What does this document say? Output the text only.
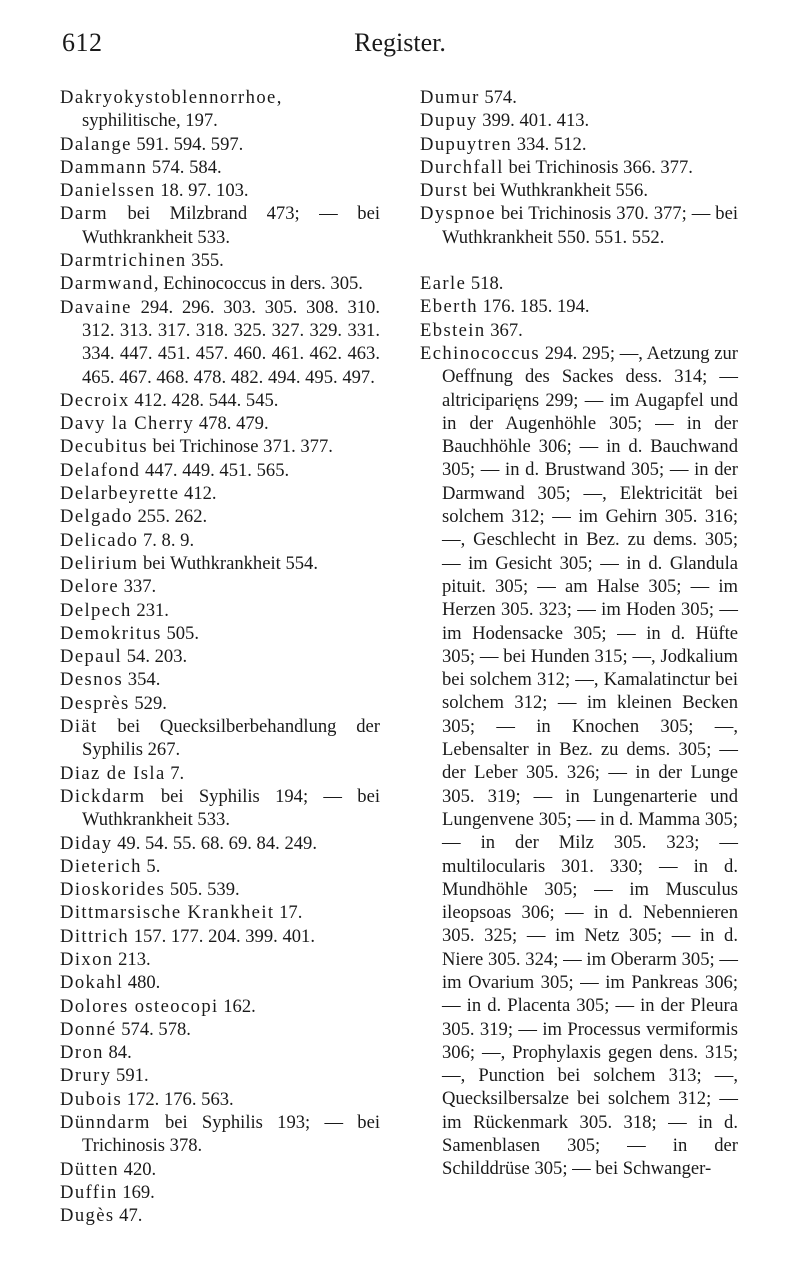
612	Register.

Dakryokystoblennorrhoe, syphilitische, 197.

Dalange 591. 594. 597.

Dammann 574. 584.

Danielssen 18. 97. 103.

Darm bei Milzbrand 473; — bei Wuthkrankheit 533.

Darmtrichinen 355.

Darmwand, Echinococcus in ders. 305.

Davaine 294. 296. 303. 305. 308. 310. 312. 313. 317. 318. 325. 327. 329. 331. 334. 447. 451. 457. 460. 461. 462. 463. 465. 467. 468. 478. 482. 494. 495. 497.

Decroix 412. 428. 544. 545.

Davy la Cherry 478. 479.

Decubitus bei Trichinose 371. 377.

Delafond 447. 449. 451. 565.

Delarbeyrette 412.

Delgado 255. 262.

Delicado 7. 8. 9.

Delirium bei Wuthkrankheit 554.

Delore 337.

Delpech 231.

Demokritus 505.

Depaul 54. 203.

Desnos 354.

Desprès 529.

Diät bei Quecksilberbehandlung der Syphilis 267.

Diaz de Isla 7.

Dickdarm bei Syphilis 194; — bei Wuthkrankheit 533.

Diday 49. 54. 55. 68. 69. 84. 249.

Dieterich 5.

Dioskorides 505. 539.

Dittmarsische Krankheit 17.

Dittrich 157. 177. 204. 399. 401.

Dixon 213.

Dokahl 480.

Dolores osteocopi 162.

Donné 574. 578.

Dron 84.

Drury 591.

Dubois 172. 176. 563.

Dünndarm bei Syphilis 193; — bei Trichinosis 378.

Dütten 420.

Duffin 169.

Dugès 47.

Dumur 574.

Dupuy 399. 401. 413.

Dupuytren 334. 512.

Durchfall bei Trichinosis 366. 377.

Durst bei Wuthkrankheit 556.

Dyspnoe bei Trichinosis 370. 377; — bei Wuthkrankheit 550. 551. 552.

Earle 518.

Eberth 176. 185. 194.

Ebstein 367.

Echinococcus 294. 295; —, Aetzung zur Oeffnung des Sackes dess. 314; — altriciparięns 299; — im Augapfel und in der Augenhöhle 305; — in der Bauchhöhle 306; — in d. Bauchwand 305; — in d. Brustwand 305; — in der Darmwand 305; —, Elektricität bei solchem 312; — im Gehirn 305. 316; —, Geschlecht in Bez. zu dems. 305; — im Gesicht 305; — in d. Glandula pituit. 305; — am Halse 305; — im Herzen 305. 323; — im Hoden 305; — im Hodensacke 305; — in d. Hüfte 305; — bei Hunden 315; —, Jodkalium bei solchem 312; —, Kamalatinctur bei solchem 312; — im kleinen Becken 305; — in Knochen 305; —, Lebensalter in Bez. zu dems. 305; — der Leber 305. 326; — in der Lunge 305. 319; — in Lungenarterie und Lungenvene 305; — in d. Mamma 305; — in der Milz 305. 323; — multilocularis 301. 330; — in d. Mundhöhle 305; — im Musculus ileopsoas 306; — in d. Nebennieren 305. 325; — im Netz 305; — in d. Niere 305. 324; — im Oberarm 305; — im Ovarium 305; — im Pankreas 306; — in d. Placenta 305; — in der Pleura 305. 319; — im Processus vermiformis 306; —, Prophylaxis gegen dens. 315; —, Punction bei solchem 313; —, Quecksilbersalze bei solchem 312; — im Rückenmark 305. 318; — in d. Samenblasen 305; — in der Schilddrüse 305; — bei Schwanger-
